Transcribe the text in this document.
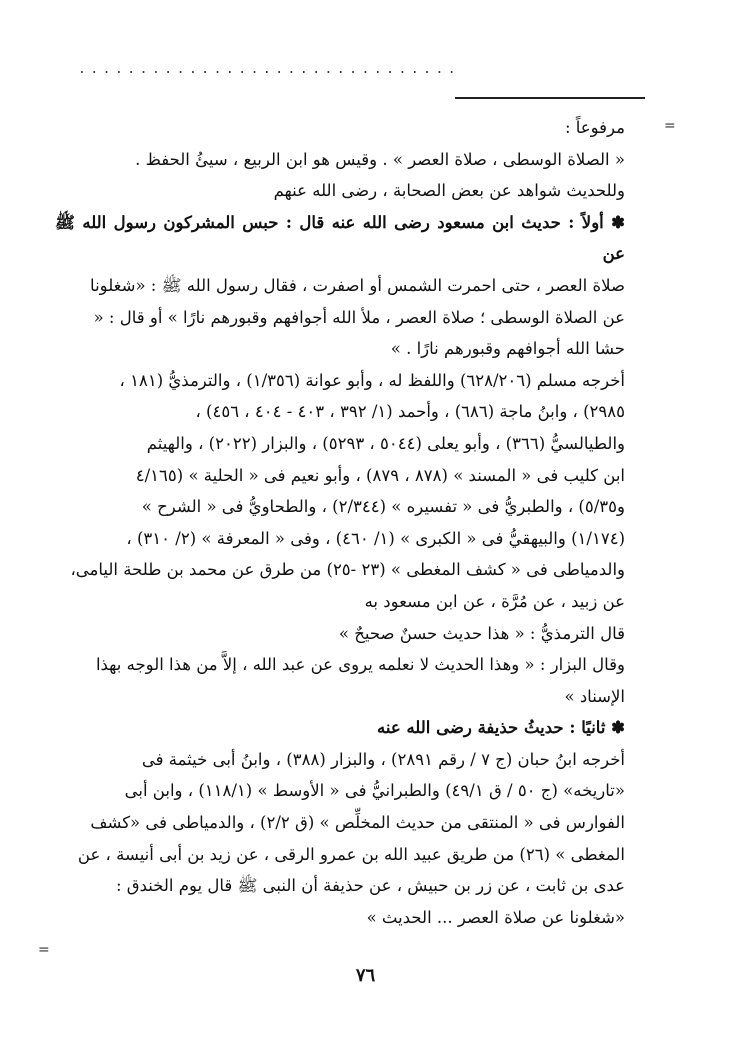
...............................
=
=

مرفوعاً :

« الصلاة الوسطى ، صلاة العصر » . وقيس هو ابن الربيع ، سيئُ الحفظ .

وللحديث شواهد عن بعض الصحابة ، رضى الله عنهم

✽ أولاً : حديث ابن مسعود رضى الله عنه قال : حبس المشركون رسول الله ﷺ عن

صلاة العصر ، حتى احمرت الشمس أو اصفرت ، فقال رسول الله ﷺ : «شغلونا

عن الصلاة الوسطى ؛ صلاة العصر ، ملأ الله أجوافهم وقبورهم نارًا » أو قال : «

حشا الله أجوافهم وقبورهم نارًا . »

أخرجه مسلم (٦٢٨/٢٠٦) واللفظ له ، وأبو عوانة (١/٣٥٦) ، والترمذيُّ (١٨١ ،

٢٩٨٥) ، وابنُ ماجة (٦٨٦) ، وأحمد (١/ ٣٩٢ ، ٤٠٣ - ٤٠٤ ، ٤٥٦) ،

والطيالسيُّ (٣٦٦) ، وأبو يعلى (٥٠٤٤ ، ٥٢٩٣) ، والبزار (٢٠٢٢) ، والهيثم

ابن كليب فى « المسند » (٨٧٨ ، ٨٧٩) ، وأبو نعيم فى « الحلية » (٤/١٦٥

و٥/٣٥) ، والطبريُّ فى « تفسيره » (٢/٣٤٤) ، والطحاويُّ فى « الشرح »

(١/١٧٤) والبيهقيُّ فى « الكبرى » (١/ ٤٦٠) ، وفى « المعرفة » (٢/ ٣١٠) ،

والدمياطى فى « كشف المغطى » (٢٣ -٢٥) من طرق عن محمد بن طلحة اليامى،

عن زبيد ، عن مُرَّة ، عن ابن مسعود به

قال الترمذيُّ : « هذا حديث حسنٌ صحيحٌ »

وقال البزار : « وهذا الحديث لا نعلمه يروى عن عبد الله ، إلاَّ من هذا الوجه بهذا

الإسناد »

✽ ثانيًا : حديثُ حذيفة رضى الله عنه

أخرجه ابنُ حبان (ج ٧ / رقم ٢٨٩١) ، والبزار (٣٨٨) ، وابنُ أبى خيثمة فى

«تاريخه» (ج ٥٠ / ق ٤٩/١) والطبرانيُّ فى « الأوسط » (١١٨/١) ، وابن أبى

الفوارس فى « المنتقى من حديث المخلِّص » (ق ٢/٢) ، والدمياطى فى «كشف

المغطى » (٢٦) من طريق عبيد الله بن عمرو الرقى ، عن زيد بن أبى أنيسة ، عن

عدى بن ثابت ، عن زر بن حبيش ، عن حذيفة أن النبى ﷺ قال يوم الخندق :

«شغلونا عن صلاة العصر ... الحديث »

٧٦
